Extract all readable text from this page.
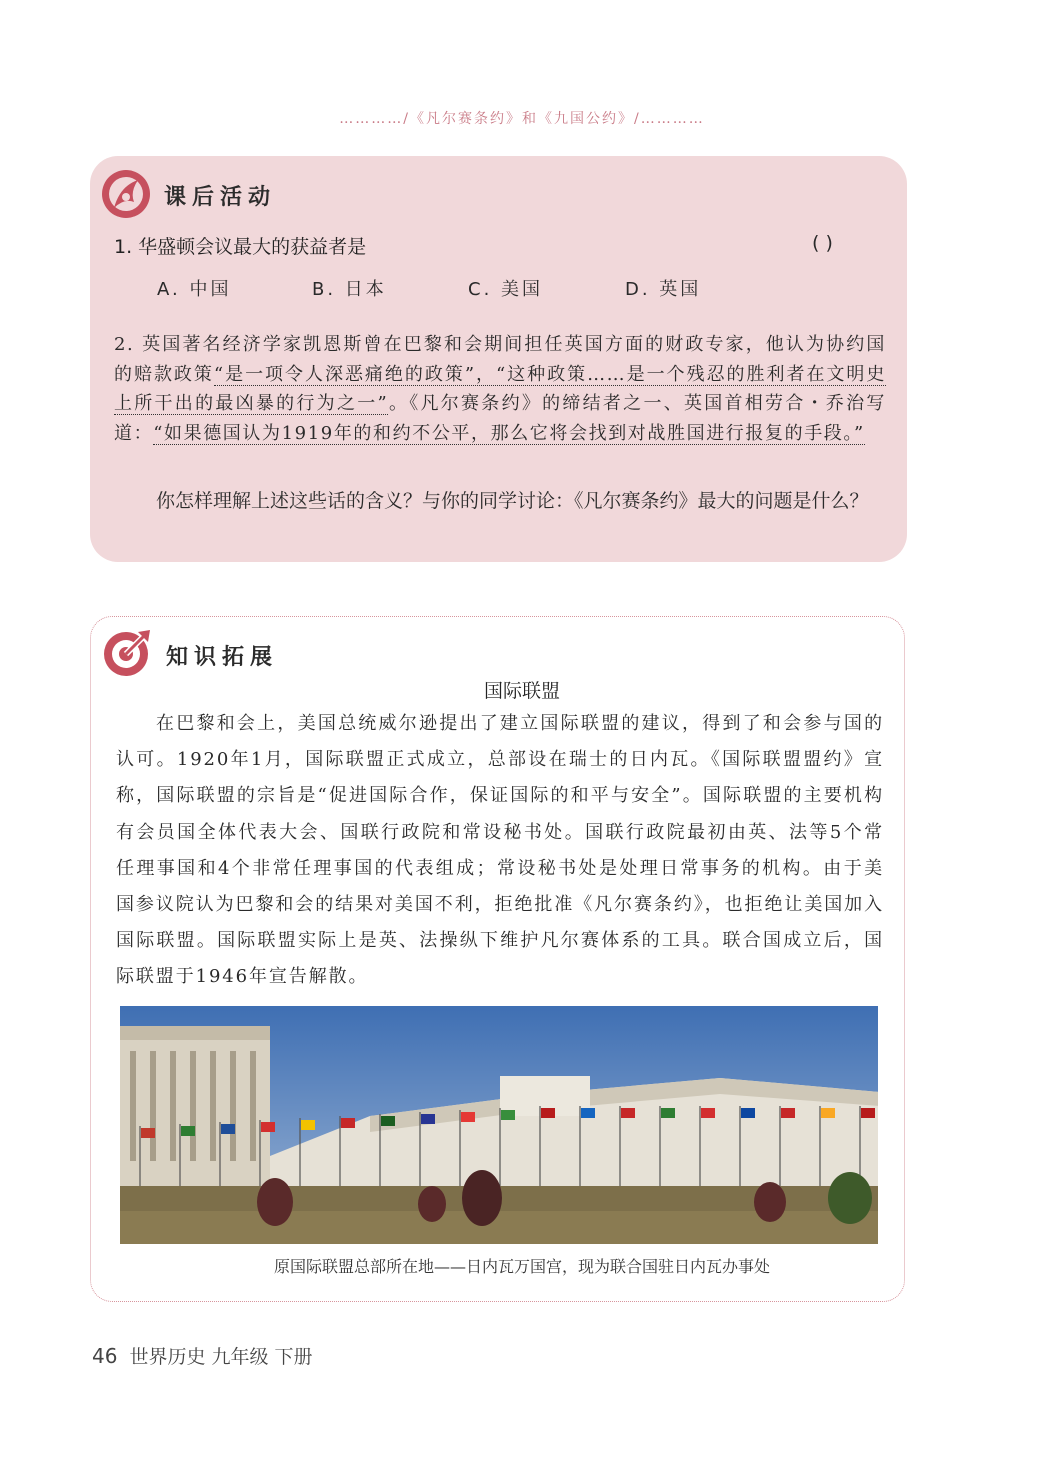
…………/《凡尔赛条约》和《九国公约》/…………
课后活动
1. 华盛顿会议最大的获益者是	( )
A. 中国	B. 日本	C. 美国	D. 英国
2. 英国著名经济学家凯恩斯曾在巴黎和会期间担任英国方面的财政专家，他认为协约国的赔款政策“是一项令人深恶痛绝的政策”，“这种政策……是一个残忍的胜利者在文明史上所干出的最凶暴的行为之一”。《凡尔赛条约》的缔结者之一、英国首相劳合・乔治写道：“如果德国认为1919年的和约不公平，那么它将会找到对战胜国进行报复的手段。”
你怎样理解上述这些话的含义？与你的同学讨论：《凡尔赛条约》最大的问题是什么？
知识拓展
国际联盟

在巴黎和会上，美国总统威尔逊提出了建立国际联盟的建议，得到了和会参与国的认可。1920年1月，国际联盟正式成立，总部设在瑞士的日内瓦。《国际联盟盟约》宣称，国际联盟的宗旨是“促进国际合作，保证国际的和平与安全”。国际联盟的主要机构有会员国全体代表大会、国联行政院和常设秘书处。国联行政院最初由英、法等5个常任理事国和4个非常任理事国的代表组成；常设秘书处是处理日常事务的机构。由于美国参议院认为巴黎和会的结果对美国不利，拒绝批准《凡尔赛条约》，也拒绝让美国加入国际联盟。国际联盟实际上是英、法操纵下维护凡尔赛体系的工具。联合国成立后，国际联盟于1946年宣告解散。

原国际联盟总部所在地——日内瓦万国宫，现为联合国驻日内瓦办事处
46 世界历史 九年级 下册
